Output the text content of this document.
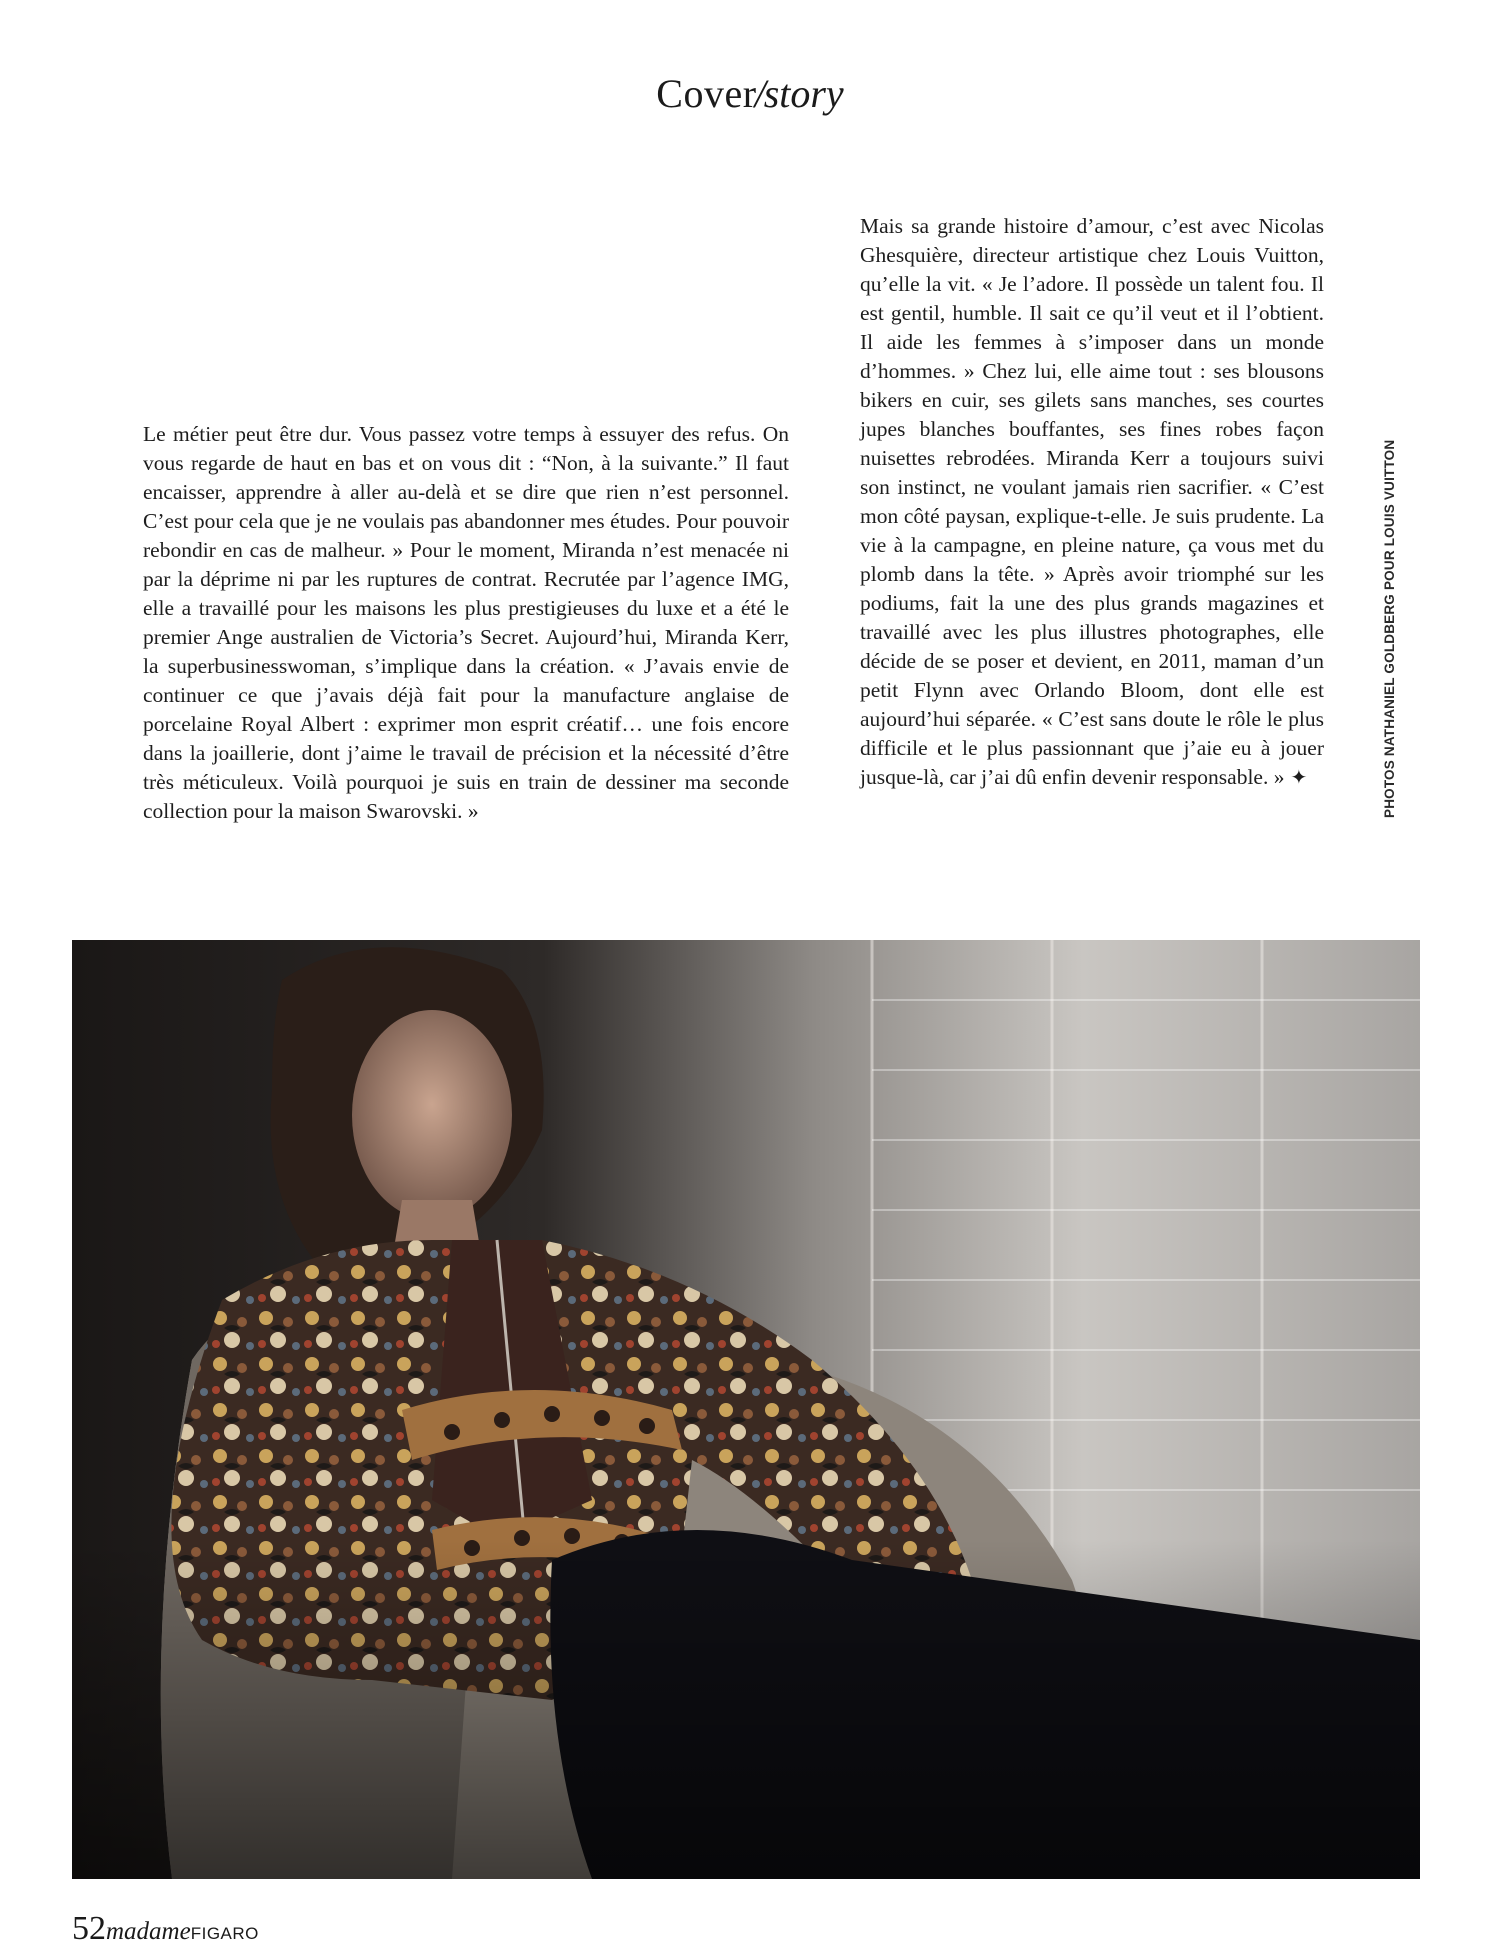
Cover/story
Le métier peut être dur. Vous passez votre temps à essuyer des refus. On vous regarde de haut en bas et on vous dit : “Non, à la suivante.” Il faut encaisser, apprendre à aller au-delà et se dire que rien n’est personnel. C’est pour cela que je ne voulais pas abandonner mes études. Pour pouvoir rebondir en cas de malheur. » Pour le moment, Miranda n’est menacée ni par la déprime ni par les ruptures de contrat. Recrutée par l’agence IMG, elle a travaillé pour les maisons les plus prestigieuses du luxe et a été le premier Ange australien de Victoria’s Secret. Aujourd’hui, Miranda Kerr, la superbusinesswoman, s’implique dans la création. « J’avais envie de continuer ce que j’avais déjà fait pour la manufacture anglaise de porcelaine Royal Albert : exprimer mon esprit créatif… une fois encore dans la joaillerie, dont j’aime le travail de précision et la nécessité d’être très méticuleux. Voilà pourquoi je suis en train de dessiner ma seconde collection pour la maison Swarovski. »
Mais sa grande histoire d’amour, c’est avec Nicolas Ghesquière, directeur artistique chez Louis Vuitton, qu’elle la vit. « Je l’adore. Il possède un talent fou. Il est gentil, humble. Il sait ce qu’il veut et il l’obtient. Il aide les femmes à s’imposer dans un monde d’hommes. » Chez lui, elle aime tout : ses blousons bikers en cuir, ses gilets sans manches, ses courtes jupes blanches bouffantes, ses fines robes façon nuisettes rebrodées. Miranda Kerr a toujours suivi son instinct, ne voulant jamais rien sacrifier. « C’est mon côté paysan, explique-t-elle. Je suis prudente. La vie à la campagne, en pleine nature, ça vous met du plomb dans la tête. » Après avoir triomphé sur les podiums, fait la une des plus grands magazines et travaillé avec les plus illustres photographes, elle décide de se poser et devient, en 2011, maman d’un petit Flynn avec Orlando Bloom, dont elle est aujourd’hui séparée. « C’est sans doute le rôle le plus difficile et le plus passionnant que j’aie eu à jouer jusque-là, car j’ai dû enfin devenir responsable. » ✦	PHOTOS NATHANIEL GOLDBERG POUR LOUIS VUITTON
52madameFIGARO
